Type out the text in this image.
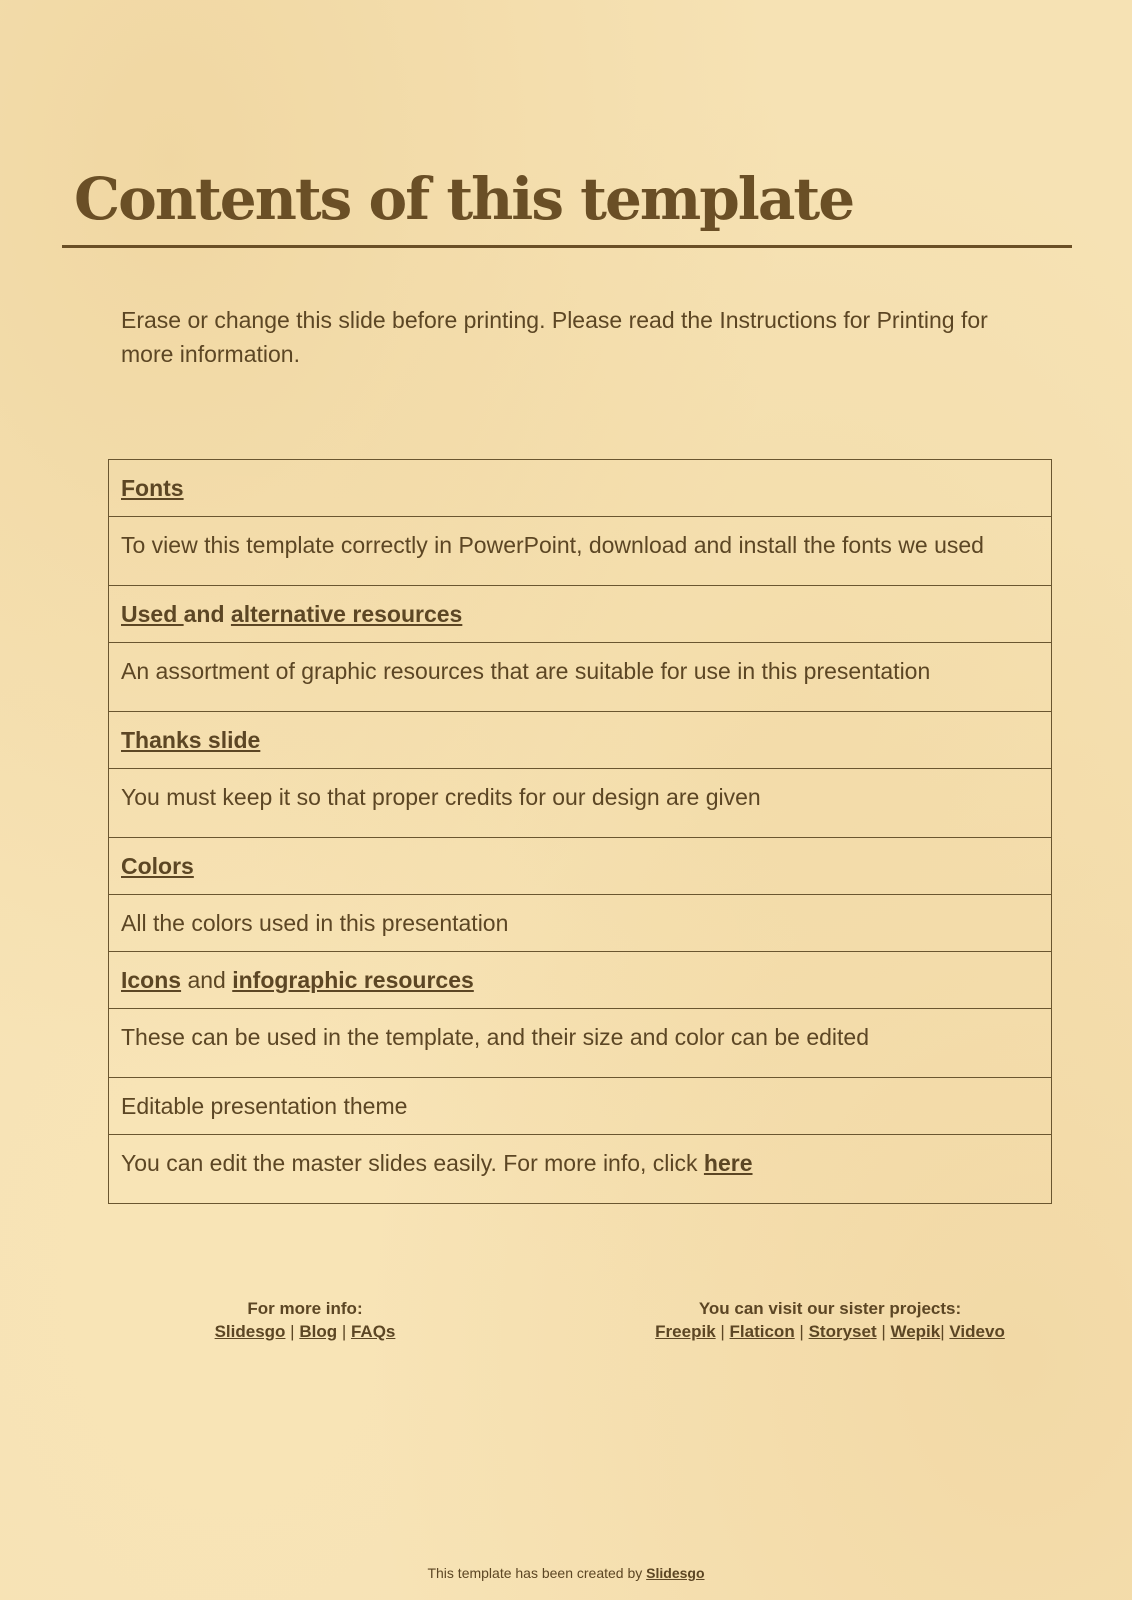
Contents of this template

Erase or change this slide before printing. Please read the Instructions for Printing for more information.

Fonts
To view this template correctly in PowerPoint, download and install the fonts we used
Used and alternative resources
An assortment of graphic resources that are suitable for use in this presentation
Thanks slide
You must keep it so that proper credits for our design are given
Colors
All the colors used in this presentation
Icons and infographic resources
These can be used in the template, and their size and color can be edited
Editable presentation theme
You can edit the master slides easily. For more info, click here
For more info:
Slidesgo | Blog | FAQs
You can visit our sister projects:
Freepik | Flaticon | Storyset | Wepik| Videvo
This template has been created by Slidesgo
